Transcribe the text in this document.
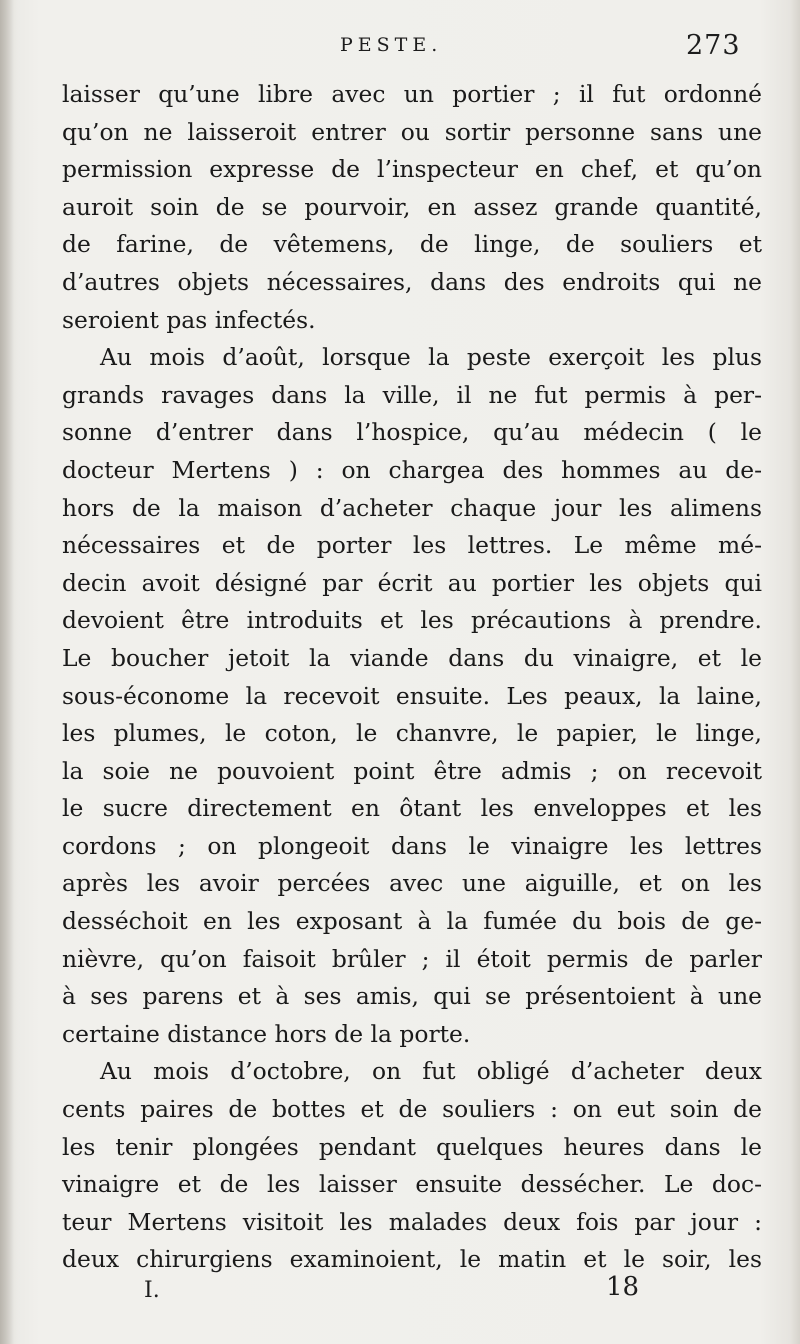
PESTE.	273
laisser qu’une libre avec un portier ; il fut ordonné
qu’on ne laisseroit entrer ou sortir personne sans une
permission expresse de l’inspecteur en chef, et qu’on
auroit soin de se pourvoir, en assez grande quantité,
de farine, de vêtemens, de linge, de souliers et
d’autres objets nécessaires, dans des endroits qui ne
seroient pas infectés.
Au mois d’août, lorsque la peste exerçoit les plus
grands ravages dans la ville, il ne fut permis à per-
sonne d’entrer dans l’hospice, qu’au médecin ( le
docteur Mertens ) : on chargea des hommes au de-
hors de la maison d’acheter chaque jour les alimens
nécessaires et de porter les lettres. Le même mé-
decin avoit désigné par écrit au portier les objets qui
devoient être introduits et les précautions à prendre.
Le boucher jetoit la viande dans du vinaigre, et le
sous-économe la recevoit ensuite. Les peaux, la laine,
les plumes, le coton, le chanvre, le papier, le linge,
la soie ne pouvoient point être admis ; on recevoit
le sucre directement en ôtant les enveloppes et les
cordons ; on plongeoit dans le vinaigre les lettres
après les avoir percées avec une aiguille, et on les
desséchoit en les exposant à la fumée du bois de ge-
nièvre, qu’on faisoit brûler ; il étoit permis de parler
à ses parens et à ses amis, qui se présentoient à une
certaine distance hors de la porte.
Au mois d’octobre, on fut obligé d’acheter deux
cents paires de bottes et de souliers : on eut soin de
les tenir plongées pendant quelques heures dans le
vinaigre et de les laisser ensuite dessécher. Le doc-
teur Mertens visitoit les malades deux fois par jour :
deux chirurgiens examinoient, le matin et le soir, les
I.	18
